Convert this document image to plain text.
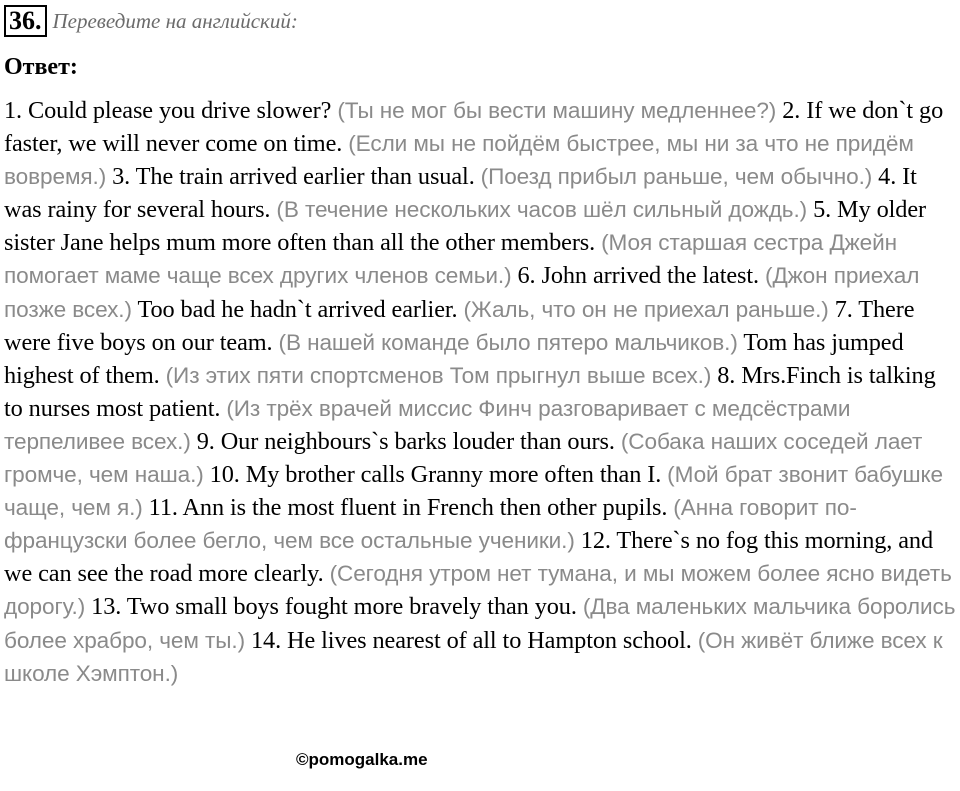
36. Переведите на английский:
Ответ:

1. Could please you drive slower? (Ты не мог бы вести машину медленнее?) 2. If we don`t go faster, we will never come on time. (Если мы не пойдём быстрее, мы ни за что не придём вовремя.) 3. The train arrived earlier than usual. (Поезд прибыл раньше, чем обычно.) 4. It was rainy for several hours. (В течение нескольких часов шёл сильный дождь.) 5. My older sister Jane helps mum more often than all the other members. (Моя старшая сестра Джейн помогает маме чаще всех других членов семьи.) 6. John arrived the latest. (Джон приехал позже всех.) Too bad he hadn`t arrived earlier. (Жаль, что он не приехал раньше.) 7. There were five boys on our team. (В нашей команде было пятеро мальчиков.) Tom has jumped highest of them. (Из этих пяти спортсменов Том прыгнул выше всех.) 8. Mrs.Finch is talking to nurses most patient. (Из трёх врачей миссис Финч разговаривает с медсёстрами терпеливее всех.) 9. Our neighbours`s barks louder than ours. (Собака наших соседей лает громче, чем наша.) 10. My brother calls Granny more often than I. (Мой брат звонит бабушке чаще, чем я.) 11. Ann is the most fluent in French then other pupils. (Анна говорит по-французски более бегло, чем все остальные ученики.) 12. There`s no fog this morning, and we can see the road more clearly. (Сегодня утром нет тумана, и мы можем более ясно видеть дорогу.) 13. Two small boys fought more bravely than you. (Два маленьких мальчика боролись более храбро, чем ты.) 14. He lives nearest of all to Hampton school. (Он живёт ближе всех к школе Хэмптон.)

©pomogalka.me
